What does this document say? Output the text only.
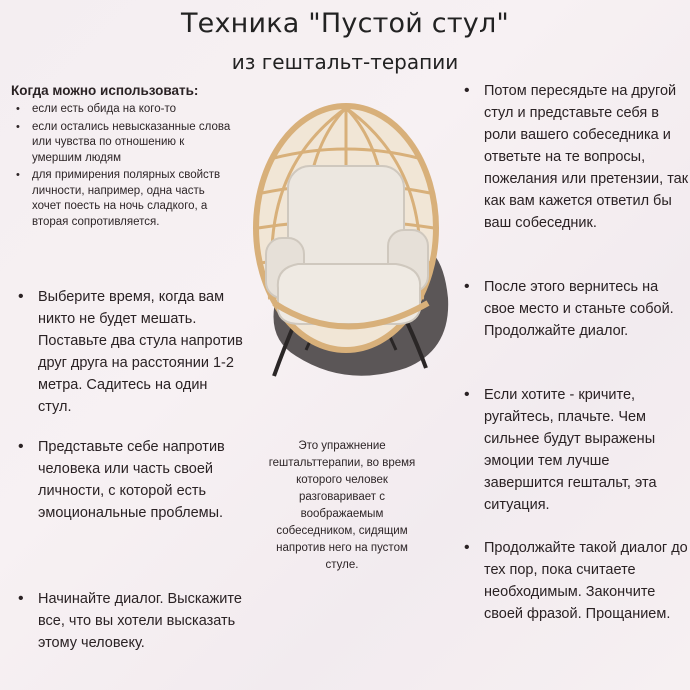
Техника "Пустой стул"
из гештальт-терапии
Когда можно использовать:
• если есть обида на кого-то
• если остались невысказанные слова или чувства по отношению к умершим людям
• для примирения полярных свойств личности, например, одна часть хочет поесть на ночь сладкого, а вторая сопротивляется.
• Выберите время, когда вам никто не будет мешать. Поставьте два стула напротив друг друга на расстоянии 1-2 метра. Садитесь на один стул.
• Представьте себе напротив человека или часть своей личности, с которой есть эмоциональные проблемы.
• Начинайте диалог. Выскажите все, что вы хотели высказать этому человеку.
• Потом пересядьте на другой стул и представьте себя в роли вашего собеседника и ответьте на те вопросы, пожелания или претензии, так как вам кажется ответил бы ваш собеседник.
• После этого вернитесь на свое место и станьте собой. Продолжайте диалог.
• Если хотите - кричите, ругайтесь, плачьте. Чем сильнее будут выражены эмоции тем лучше завершится гештальт, эта ситуация.
• Продолжайте такой диалог до тех пор, пока считаете необходимым. Закончите своей фразой. Прощанием.
Это упражнение гештальттерапии, во время которого человек разговаривает с воображаемым собеседником, сидящим напротив него на пустом стуле.
